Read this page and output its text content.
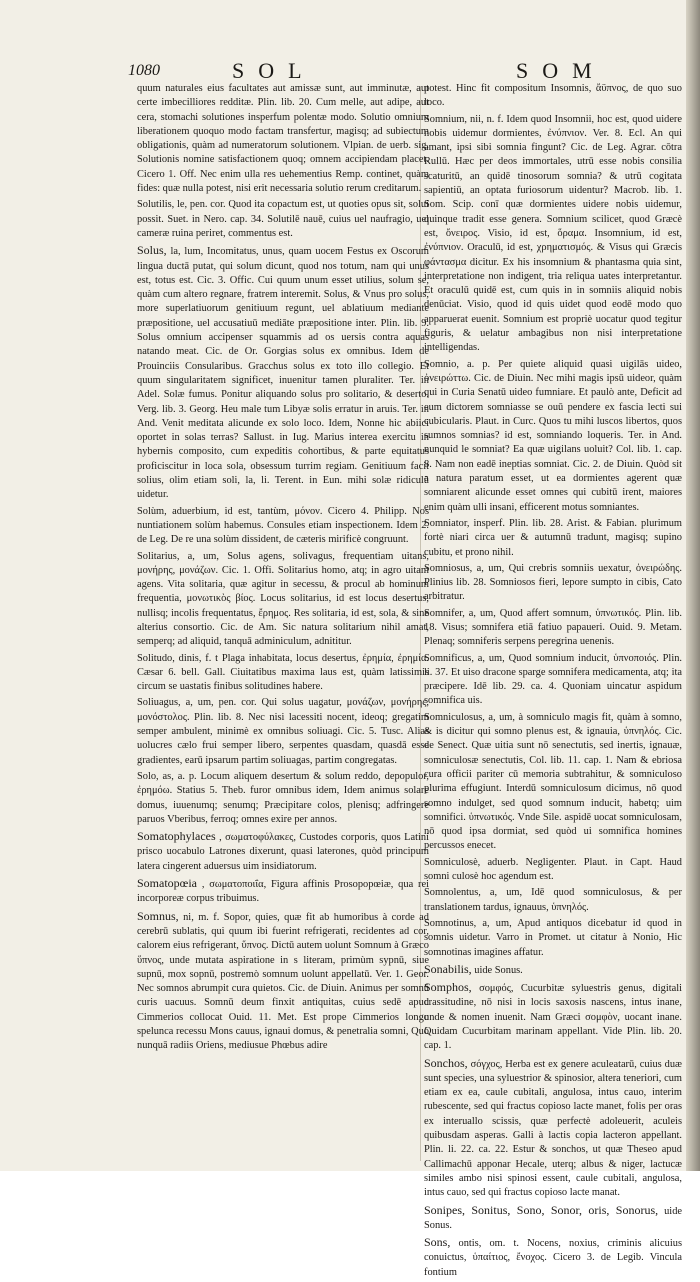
1080	SOL	SOM

quum naturales eius facultates aut amissæ sunt, aut imminutæ, aut certe imbecilliores redditæ. Plin. lib. 20. Cum melle, aut adipe, aut cera, stomachi solutiones insperfum polentæ modo. Solutio omnium liberationem quoquo modo factam transfertur, magisq; ad subiectum obligationis, quàm ad numeratorum solutionem. Vlpian. de uerb. sig. Solutionis nomine satisfactionem quoq; omnem accipiendam placet. Cicero 1. Off. Nec enim ulla res uehementius Remp. continet, quàm fides: quæ nulla potest, nisi erit necessaria solutio rerum creditarum.

Solutilis, le, pen. cor. Quod ita copactum est, ut quoties opus sit, solui possit. Suet. in Nero. cap. 34. Solutilē nauē, cuius uel naufragio, uel cameræ ruina periret, commentus est.

Solus, la, lum, Incomitatus, unus, quam uocem Festus ex Oscorum lingua ductā putat, qui solum dicunt, quod nos totum, nam qui unus est, totus est. Cic. 3. Offic. Cui quum unum esset utilius, solum se, quàm cum altero regnare, fratrem interemit. Solus, & Vnus pro solus, more superlatiuorum genitiuum regunt, uel ablatiuum mediante præpositione, uel accusatiuū mediāte præpositione inter. Plin. lib. 9. Solus omnium accipenser squammis ad os uersis contra aquas natando meat. Cic. de Or. Gorgias solus ex omnibus. Idem de Prouinciis Consularibus. Gracchus solus ex toto illo collegio. Et quum singularitatem significet, inuenitur tamen pluraliter. Ter. in Adel. Solæ fumus. Ponitur aliquando solus pro solitario, & deserto. Verg. lib. 3. Georg. Heu male tum Libyæ solis erratur in aruis. Ter. in And. Venit meditata alicunde ex solo loco. Idem, Nonne hic abiici oportet in solas terras? Sallust. in Iug. Marius interea exercitu in hybernis composito, cum expeditis cohortibus, & parte equitatus proficiscitur in loca sola, obsessum turrim regiam. Genitiuum facit solius, olim etiam soli, la, li. Terent. in Eun. mihi solæ ridiculū uidetur.

Solùm, aduerbium, id est, tantùm, μόνον. Cicero 4. Philipp. Nos nuntiationem solùm habemus. Consules etiam inspectionem. Idem 2. de Leg. De re una solùm dissident, de cæteris mirificè congruunt.

Solitarius, a, um, Solus agens, solivagus, frequentiam uitans, μονήρης, μονάζων. Cic. 1. Offi. Solitarius homo, atq; in agro uitam agens. Vita solitaria, quæ agitur in secessu, & procul ab hominum frequentia, μονωτικὸς βίος. Locus solitarius, id est locus desertus, nullisq; incolis frequentatus, ἔρημος. Res solitaria, id est, sola, & sine alterius consortio. Cic. de Am. Sic natura solitarium nihil amat, semperq; ad aliquid, tanquā adminiculum, adnititur.

Solitudo, dinis, f. t Plaga inhabitata, locus desertus, ἐρημία, ἐρημία. Cæsar 6. bell. Gall. Ciuitatibus maxima laus est, quàm latissimis circum se uastatis finibus solitudines habere.

Soliuagus, a, um, pen. cor. Qui solus uagatur, μονάζων, μονήρης, μονόστολος. Plin. lib. 8. Nec nisi lacessiti nocent, ideoq; gregatim semper ambulent, minimè ex omnibus soliuagi. Cic. 5. Tusc. Alias uolucres cælo frui semper libero, serpentes quasdam, quasdā esse gradientes, earū ipsarum partim soliuagas, partim congregatas.

Solo, as, a. p. Locum aliquem desertum & solum reddo, depopulor, ἐρημόω. Statius 5. Theb. furor omnibus idem, Idem animus solare domus, iuuenumq; senumq; Præcipitare colos, plenisq; adfringere paruos Vberibus, ferroq; omnes exire per annos.

Somatophylaces , σωματοφύλακες, Custodes corporis, quos Latini prisco uocabulo Latrones dixerunt, quasi laterones, quòd principum latera cingerent aduersus uim insidiatorum.

Somatopœia , σωματοποιΐα, Figura affinis Prosopopœiæ, qua rei incorporeæ corpus tribuimus.

Somnus, ni, m. f. Sopor, quies, quæ fit ab humoribus à corde ad cerebrū sublatis, qui quum ibi fuerint refrigerati, recidentes ad cor, calorem eius refrigerant, ὕπνος. Dictū autem uolunt Somnum à Græco ὕπνος, unde mutata aspiratione in s literam, primùm sypnū, siue supnū, mox sopnū, postremò somnum uolunt appellatū. Ver. 1. Geor. Nec somnos abrumpit cura quietos. Cic. de Diuin. Animus per somnū curis uacuus. Somnū deum finxit antiquitas, cuius sedē apud Cimmerios collocat Ouid. 11. Met. Est prope Cimmerios longo spelunca recessu Mons cauus, ignaui domus, & penetralia somni, Quò nunquā radiis Oriens, mediusue Phœbus adire

potest. Hinc fit compositum Insomnis, ἄϋπνος, de quo suo loco.

Somnium, nii, n. f. Idem quod Insomnii, hoc est, quod uidere nobis uidemur dormientes, ἐνύπνιον. Ver. 8. Ecl. An qui amant, ipsi sibi somnia fingunt? Cic. de Leg. Agrar. cōtra Rullū. Hæc per deos immortales, utrū esse nobis consilia scaturitū, an quidē tinosorum somnia? & utrū cogitata sapientiū, an optata furiosorum uidentur? Macrob. lib. 1. Som. Scip. conī quæ dormientes uidere nobis uidemur, quinque tradit esse genera. Somnium scilicet, quod Græcè est, ὄνειρος. Visio, id est, ὅραμα. Insomnium, id est, ἐνύπνιον. Oraculū, id est, χρηματισμός. & Visus qui Græcis φάντασμα dicitur. Ex his insomnium & phantasma quia sint, interpretatione non indigent, tria reliqua uates interpretantur. Et oraculū quidē est, cum quis in in somniis aliquid nobis denūciat. Visio, quod id quis uidet quod eodē modo quo apparuerat euenit. Somnium est propriè uocatur quod tegitur figuris, & uelatur ambagibus non nisi interpretatione intelligendas.

Somnio, a. p. Per quiete aliquid quasi uigilās uideo, ὀνειρώττω. Cic. de Diuin. Nec mihi magis ipsū uideor, quàm qui in Curia Senatū uideo fumniare. Et paulò ante, Deficit ad eum dictorem somniasse se ouū pendere ex fascia lecti sui cubicularis. Plaut. in Curc. Quos tu mihi luscos libertos, quos sumnos somnias? id est, somniando loqueris. Ter. in And. nunquid le somniat? Ea quæ uigilans uoluit? Col. lib. 1. cap. 8. Nam non eadē ineptias somniat. Cic. 2. de Diuin. Quòd sit a natura paratum esset, ut ea dormientes agerent quæ somniarent alicunde esset omnes qui cubitū irent, maiores enim quàm ulli insani, efficerent motus somniantes.

Somniator, insperf. Plin. lib. 28. Arist. & Fabian. plurimum fortè niari circa uer & autumnū tradunt, magisq; supino cubitu, et prono nihil.

Somniosus, a, um, Qui crebris somniis uexatur, ὀνειρώδης. Plinius lib. 28. Somniosos fieri, lepore sumpto in cibis, Cato arbitratur.

Somnifer, a, um, Quod affert somnum, ὑπνωτικός. Plin. lib. 18. Visus; somnifera etiā fatiuo papaueri. Ouid. 9. Metam. Plenaq; somniferis serpens peregrina uenenis.

Somnificus, a, um, Quod somnium inducit, ὑπνοποιός. Plin. li. 37. Et uiso dracone sparge somnifera medicamenta, atq; ita præcipere. Idē lib. 29. ca. 4. Quoniam uincatur aspidum somnifica uis.

Somniculosus, a, um, à somniculo magis fit, quàm à somno, & is dicitur qui somno plenus est, & ignauia, ὑπνηλός. Cic. de Senect. Quæ uitia sunt nō senectutis, sed inertis, ignauæ, somniculosæ senectutis, Col. lib. 11. cap. 1. Nam & ebriosa cura officii pariter cū memoria subtrahitur, & somniculoso plurima effugiunt. Interdū somniculosum dicimus, nō quod somno indulget, sed quod somnum inducit, habetq; uim somnifici. ὑπνωτικός. Vnde Sile. aspidē uocat somniculosam, nō quod ipsa dormiat, sed quòd ui somnifica homines percussos enecet.

Somniculosè, aduerb. Negligenter. Plaut. in Capt. Haud somni culosè hoc agendum est.

Somnolentus, a, um, Idē quod somniculosus, & per translationem tardus, ignauus, ὑπνηλός.

Somnotinus, a, um, Apud antiquos dicebatur id quod in somnis uidetur. Varro in Promet. ut citatur à Nonio, Hic somnotinas imagines affatur.

Sonabilis, uide Sonus.

Somphos, σομφός, Cucurbitæ syluestris genus, digitali crassitudine, nō nisi in locis saxosis nascens, intus inane, unde & nomen inuenit. Nam Græci σομφὸν, uocant inane. Quidam Cucurbitam marinam appellant. Vide Plin. lib. 20. cap. 1.

Sonchos, σόγχος, Herba est ex genere aculeatarū, cuius duæ sunt species, una syluestrior & spinosior, altera teneriori, cum etiam ex ea, caule cubitali, angulosa, intus cauo, interim rubescente, sed qui fractus copioso lacte manet, folis per oras ex interuallo scissis, quæ perfectè adoleuerit, aculeis quibusdam asperas. Galli à lactis copia lacteron appellant. Plin. li. 22. ca. 22. Estur & sonchos, ut quæ Theseo apud Callimachū apponar Hecale, uterq; albus & niger, lactucæ similes ambo nisi spinosi essent, caule cubitali, angulosa, intus cauo, sed qui fractus copioso lacte manat.

Sonipes, Sonitus, Sono, Sonor, oris, Sonorus, uide Sonus.

Sons, ontis, om. t. Nocens, noxius, criminis alicuius conuictus, ὑπαίτιος, ἔνοχος. Cicero 3. de Legib. Vincula fontium
